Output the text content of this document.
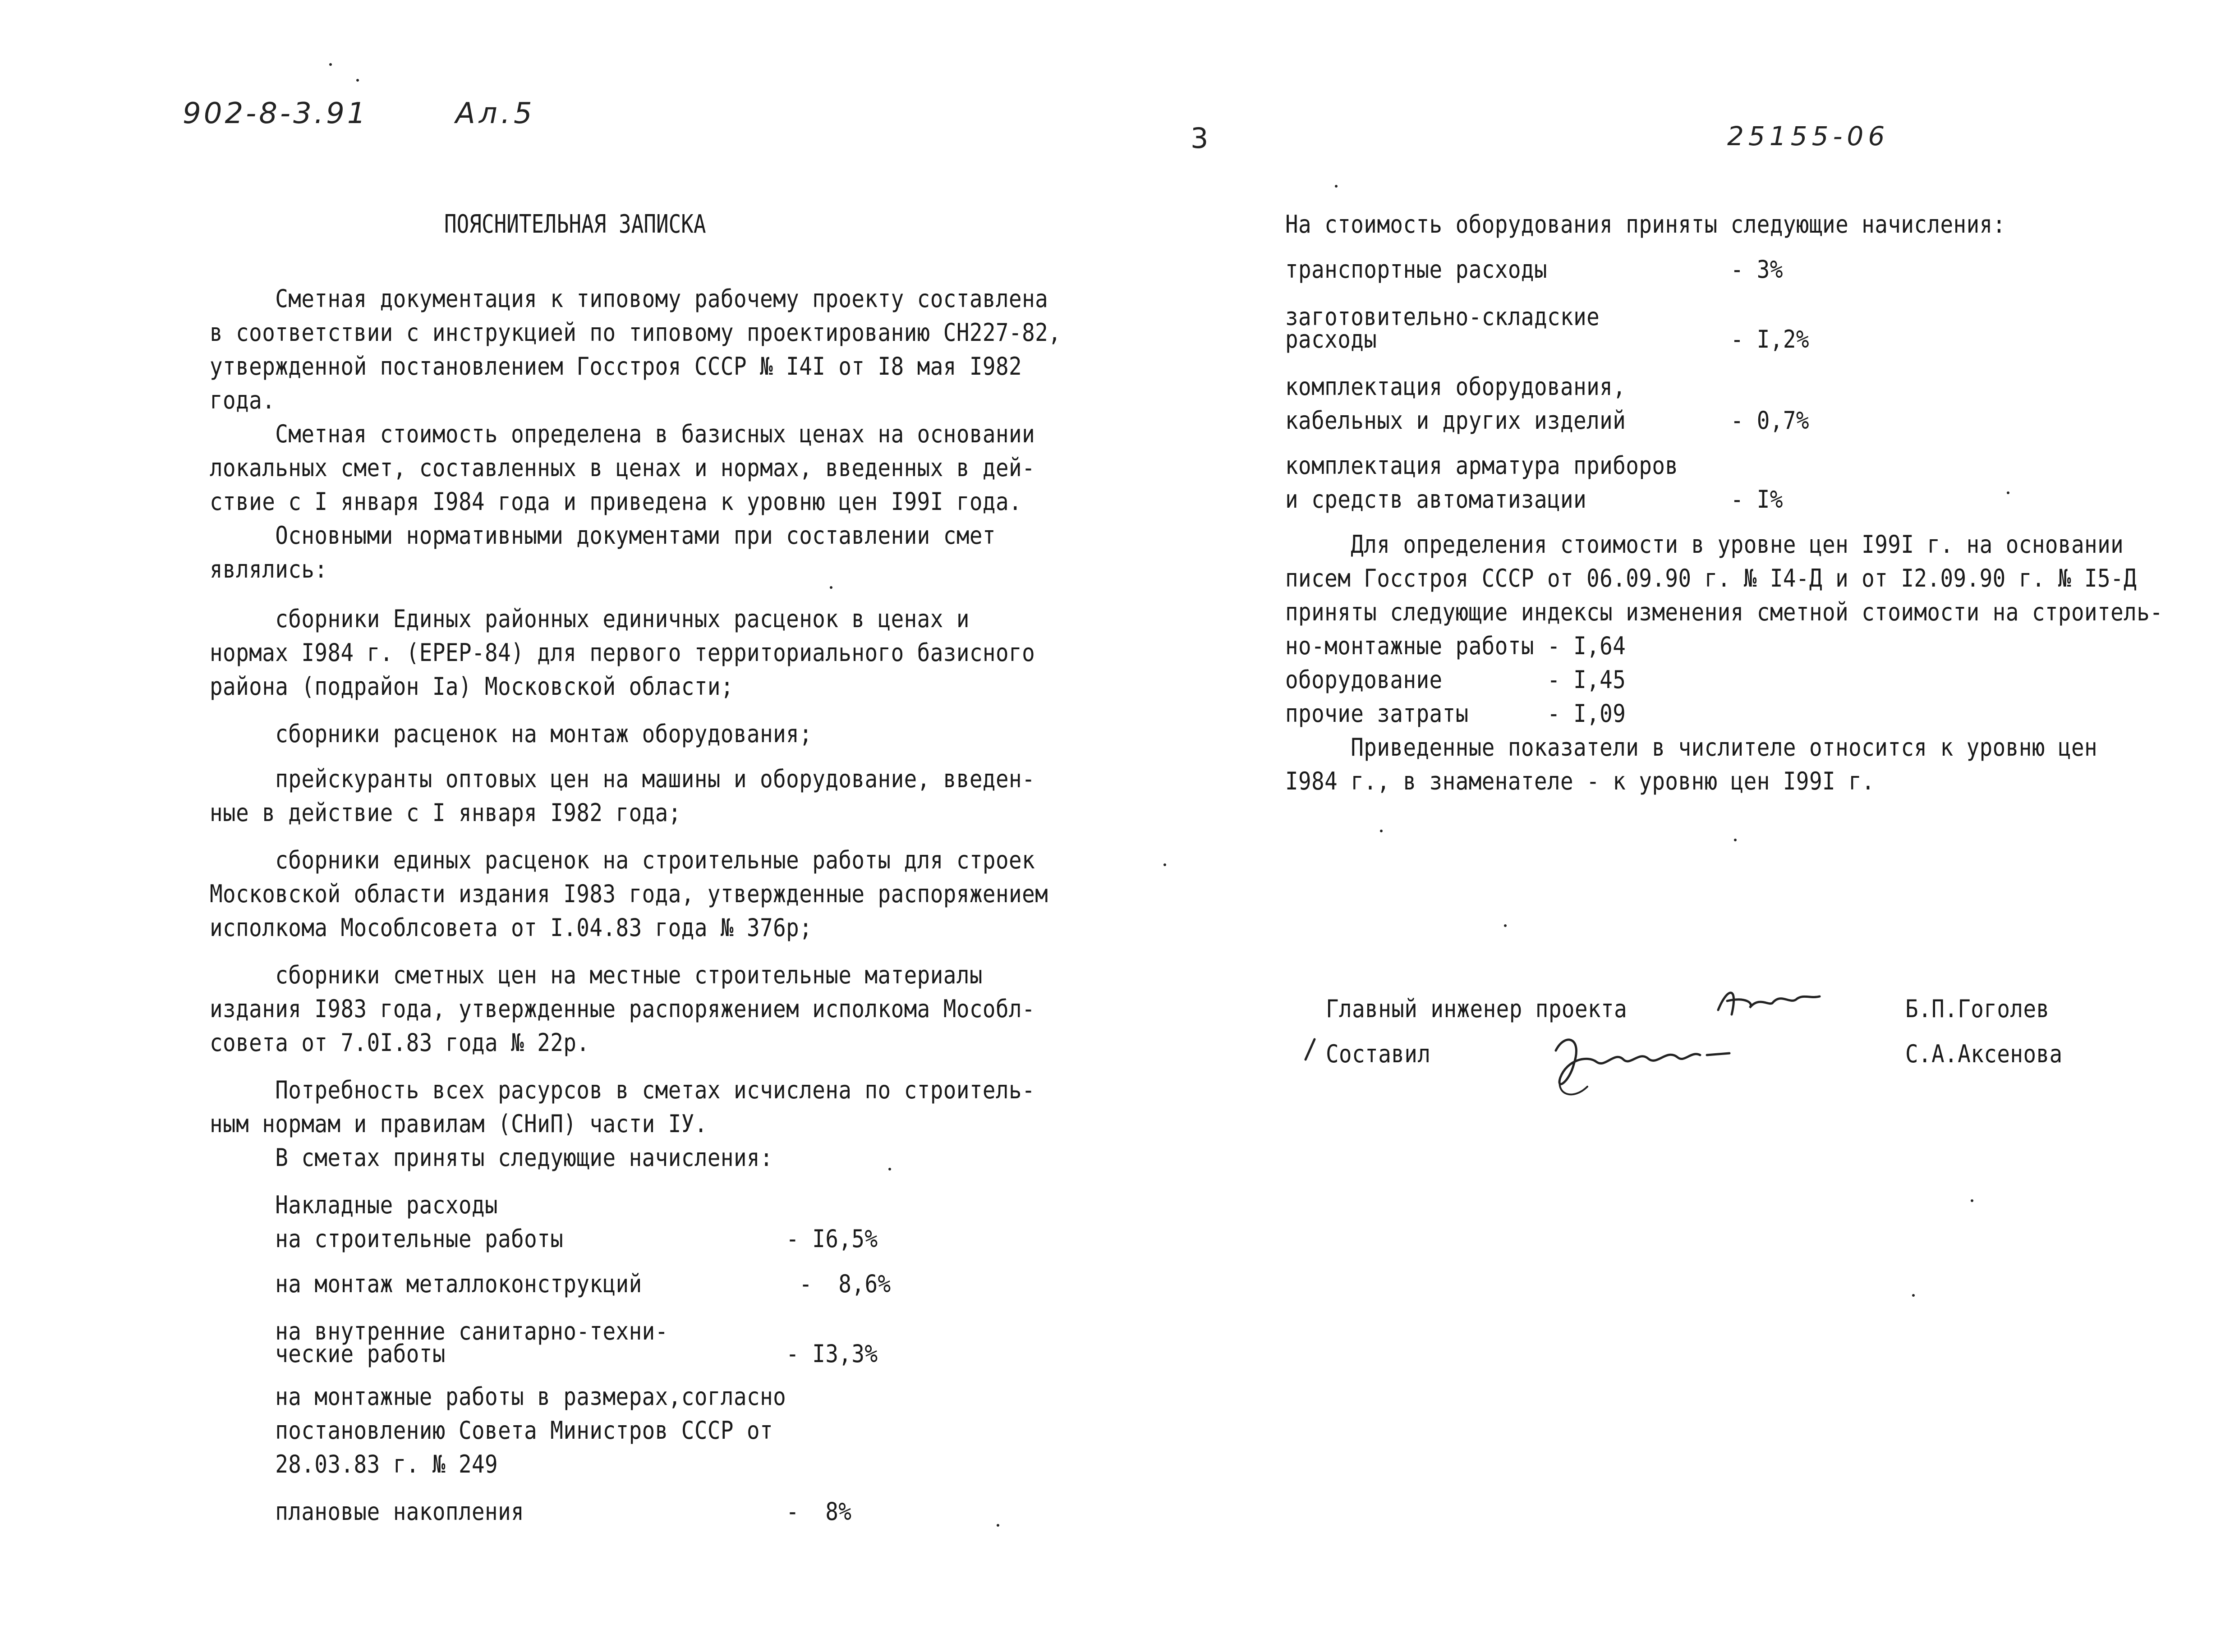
902-8-3.91	Ал.5
3	25155-06
ПОЯСНИТЕЛЬНАЯ ЗАПИСКА
Сметная документация к типовому рабочему проекту составлена
в соответствии с инструкцией по типовому проектированию СН227-82,
утвержденной постановлением Госстроя СССР № I4I от I8 мая I982
года.
Сметная стоимость определена в базисных ценах на основании
локальных смет, составленных в ценах и нормах, введенных в дей-
ствие с I января I984 года и приведена к уровню цен I99I года.
Основными нормативными документами при составлении смет
являлись:
сборники Единых районных единичных расценок в ценах и
нормах I984 г. (ЕРЕР-84) для первого территориального базисного
района (подрайон Iа) Московской области;
сборники расценок на монтаж оборудования;
прейскуранты оптовых цен на машины и оборудование, введен-
ные в действие с I января I982 года;
сборники единых расценок на строительные работы для строек
Московской области издания I983 года, утвержденные распоряжением
исполкома Мособлсовета от I.04.83 года № 376р;
сборники сметных цен на местные строительные материалы
издания I983 года, утвержденные распоряжением исполкома Мособл-
совета от 7.0I.83 года № 22р.
Потребность всех расурсов в сметах исчислена по строитель-
ным нормам и правилам (СНиП) части IУ.
В сметах приняты следующие начисления:
Накладные расходы
на строительные работы                 - I6,5%
на монтаж металлоконструкций            -  8,6%
на внутренние санитарно-техни-
ческие работы                          - I3,3%
на монтажные работы в размерах,согласно
постановлению Совета Министров СССР от
28.03.83 г. № 249
плановые накопления                    -  8%
На стоимость оборудования приняты следующие начисления:
транспортные расходы              - 3%
заготовительно-складские
расходы                           - I,2%
комплектация оборудования,
кабельных и других изделий        - 0,7%
комплектация арматура приборов
и средств автоматизации           - I%
Для определения стоимости в уровне цен I99I г. на основании
писем Госстроя СССР от 06.09.90 г. № I4-Д и от I2.09.90 г. № I5-Д
приняты следующие индексы изменения сметной стоимости на строитель-
но-монтажные работы - I,64
оборудование        - I,45
прочие затраты      - I,09
Приведенные показатели в числителе относится к уровню цен
I984 г., в знаменателе - к уровню цен I99I г.
Главный инженер проекта	Б.П.Гоголев
Составил	С.А.Аксенова
